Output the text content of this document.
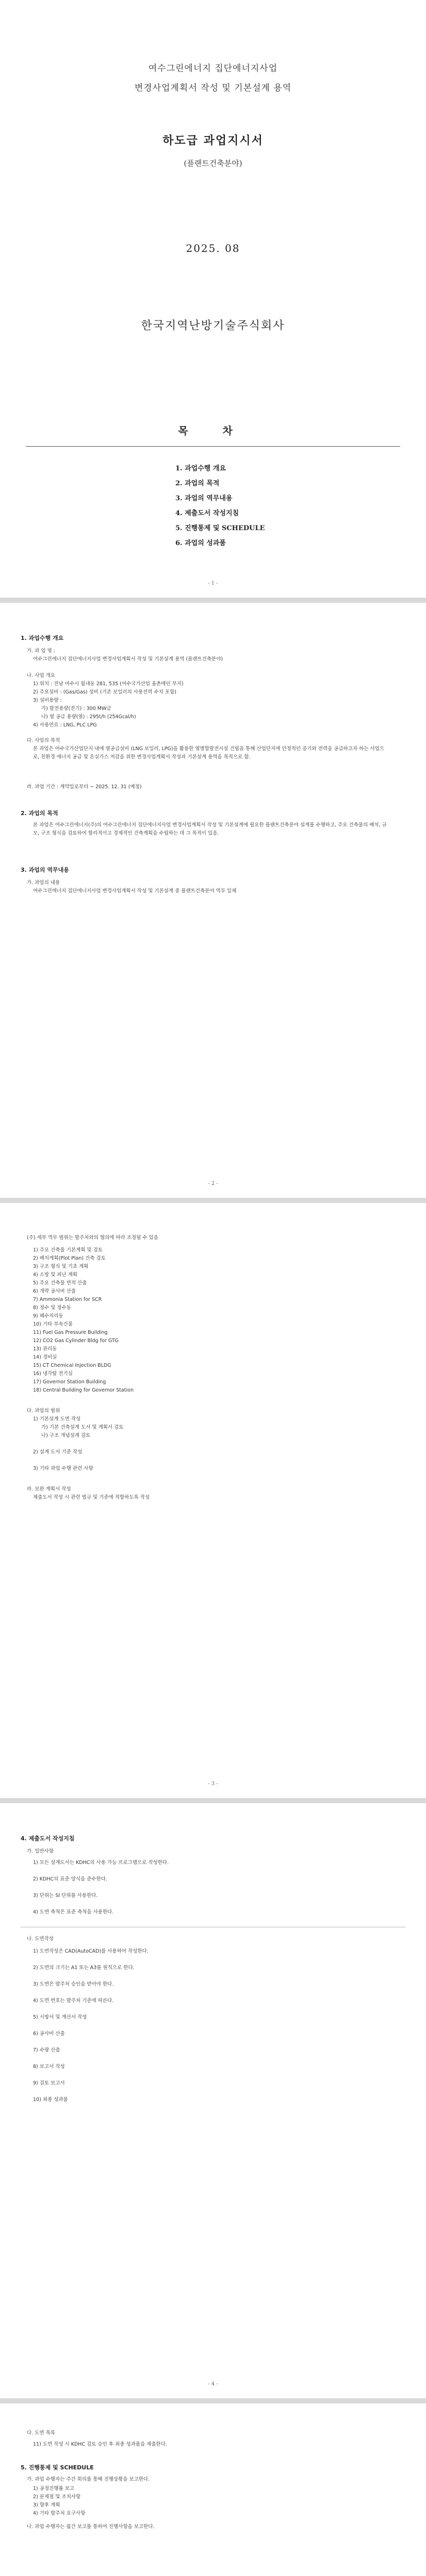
여수그린에너지 집단에너지사업
변경사업계획서 작성 및 기본설계 용역
하도급 과업지시서
(플랜트건축분야)
2025. 08
한국지역난방기술주식회사
목 차
1. 과업수행 개요
2. 과업의 목적
3. 과업의 역무내용
4. 제출도서 작성지침
5. 진행통제 및 SCHEDULE
6. 과업의 성과품
- 1 -
1. 과업수행 개요
가. 과 업 명 :
여수그린에너지 집단에너지사업 변경사업계획서 작성 및 기본설계 용역 (플랜트건축분야)
나. 사업 개요
1) 위치 : 전남 여수시 월내동 281, 535 (여수국가산업 율촌메인 부지)
2) 주요설비 : (Gas/Gas) 설비 (기존 보일러의 사용전력 수치 포함)
3) 설비용량 :
가) 발전용량(전기) : 300 MW급
나) 열 공급 용량(열) : 295t/h (254Gcal/h)
4) 사용연료 : LNG, PLC LPG
다. 사업의 목적
본 과업은 여수국가산업단지 내에 열공급설비 (LNG 보일러, LPG)을 활용한 열병합발전시설 건립을 통해 산업단지에 안정적인 증기와 전력을 공급하고자 하는 사업으로, 친환경 에너지 공급 및 온실가스 저감을 위한 변경사업계획서 작성과 기본설계 용역을 목적으로 함.
라. 과업 기간 : 계약일로부터 ~ 2025. 12. 31 (예정)
2. 과업의 목적
본 과업은 여수그린에너지(주)의 여수그린에너지 집단에너지사업 변경사업계획서 작성 및 기본설계에 필요한 플랜트건축분야 설계를 수행하고, 주요 건축물의 배치, 규모, 구조 형식을 검토하여 합리적이고 경제적인 건축계획을 수립하는 데 그 목적이 있음.
3. 과업의 역무내용
가. 과업의 내용
여수그린에너지 집단에너지사업 변경사업계획서 작성 및 기본설계 중 플랜트건축분야 역무 일체
- 2 -
(주) 세부 역무 범위는 발주처와의 협의에 따라 조정될 수 있음
1) 주요 건축물 기본계획 및 검토
2) 배치계획(Plot Plan) 건축 검토
3) 구조 형식 및 기초 계획
4) 소방 및 피난 계획
5) 주요 건축물 면적 산출
6) 개략 공사비 산출
7) Ammonia Station for SCR
8) 정수 및 정수동
9) 폐수처리동
10) 기타 부속건물
11) Fuel Gas Pressure Building
12) CO2 Gas Cylinder Bldg for GTG
13) 관리동
14) 경비실
15) CT Chemical Injection BLDG
16) 냉각탑 전기실
17) Governor Station Building
18) Central Building for Governor Station
다. 과업의 범위
1) 기본설계 도면 작성
가) 기본 건축설계 도서 및 계획서 검토
나) 구조 개념설계 검토
2) 설계 도서 기준 작성
3) 기타 과업 수행 관련 사항
라. 보완 계획서 작성
제출도서 작성 시 관련 법규 및 기준에 적합하도록 작성
- 3 -
4. 제출도서 작성지침
가. 일반사항
1) 모든 설계도서는 KDHC의 사용 가능 프로그램으로 작성한다.
2) KDHC의 표준 양식을 준수한다.
3) 단위는 SI 단위를 사용한다.
4) 도면 축척은 표준 축척을 사용한다.
나. 도면작성
1) 도면작성은 CAD(AutoCAD)를 사용하여 작성한다.
2) 도면의 크기는 A1 또는 A3를 원칙으로 한다.
3) 도면은 발주처 승인을 받아야 한다.
4) 도면 번호는 발주처 기준에 따른다.
5) 시방서 및 계산서 작성
6) 공사비 산출
7) 수량 산출
8) 보고서 작성
9) 검토 보고서
10) 최종 성과품
- 4 -
다. 도면 목록
11) 도면 작성 시 KDHC 검토 승인 후 최종 성과품을 제출한다.
5. 진행통제 및 SCHEDULE
가. 과업 수행자는 주간 회의를 통해 진행상황을 보고한다.
1) 공정진행률 보고
2) 문제점 및 조치사항
3) 향후 계획
4) 기타 발주처 요구사항
나. 과업 수행자는 월간 보고를 통하여 진행사항을 보고한다.
